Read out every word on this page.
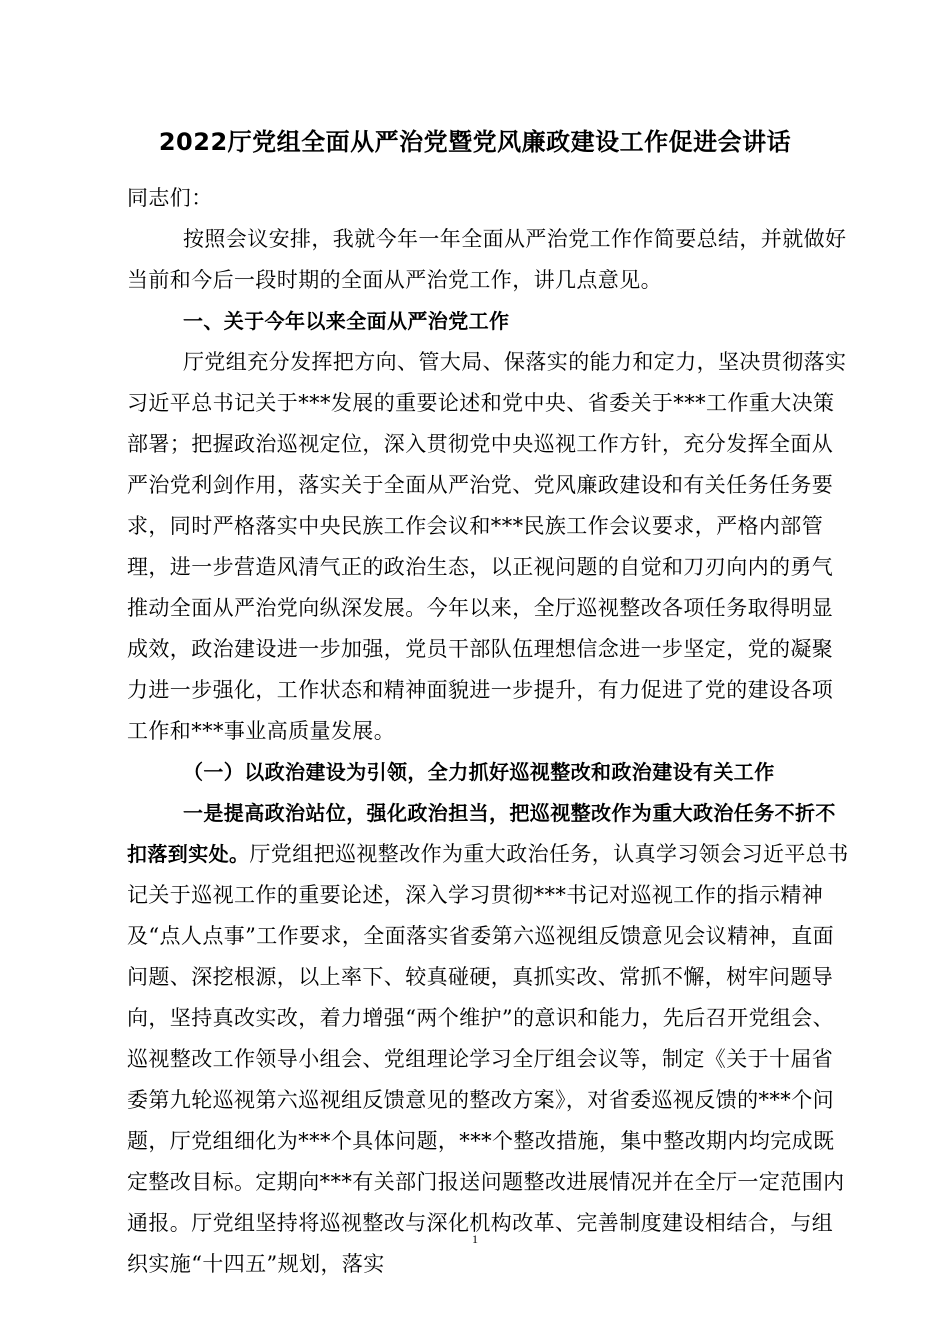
2022厅党组全面从严治党暨党风廉政建设工作促进会讲话

同志们：

按照会议安排，我就今年一年全面从严治党工作作简要总结，并就做好当前和今后一段时期的全面从严治党工作，讲几点意见。

一、关于今年以来全面从严治党工作

厅党组充分发挥把方向、管大局、保落实的能力和定力，坚决贯彻落实习近平总书记关于***发展的重要论述和党中央、省委关于***工作重大决策部署；把握政治巡视定位，深入贯彻党中央巡视工作方针，充分发挥全面从严治党利剑作用，落实关于全面从严治党、党风廉政建设和有关任务任务要求，同时严格落实中央民族工作会议和***民族工作会议要求，严格内部管理，进一步营造风清气正的政治生态，以正视问题的自觉和刀刃向内的勇气推动全面从严治党向纵深发展。今年以来，全厅巡视整改各项任务取得明显成效，政治建设进一步加强，党员干部队伍理想信念进一步坚定，党的凝聚力进一步强化，工作状态和精神面貌进一步提升，有力促进了党的建设各项工作和***事业高质量发展。

（一）以政治建设为引领，全力抓好巡视整改和政治建设有关工作

一是提高政治站位，强化政治担当，把巡视整改作为重大政治任务不折不扣落到实处。厅党组把巡视整改作为重大政治任务，认真学习领会习近平总书记关于巡视工作的重要论述，深入学习贯彻***书记对巡视工作的指示精神及“点人点事”工作要求，全面落实省委第六巡视组反馈意见会议精神，直面问题、深挖根源，以上率下、较真碰硬，真抓实改、常抓不懈，树牢问题导向，坚持真改实改，着力增强“两个维护”的意识和能力，先后召开党组会、巡视整改工作领导小组会、党组理论学习全厅组会议等，制定《关于十届省委第九轮巡视第六巡视组反馈意见的整改方案》，对省委巡视反馈的***个问题，厅党组细化为***个具体问题，***个整改措施，集中整改期内均完成既定整改目标。定期向***有关部门报送问题整改进展情况并在全厅一定范围内通报。厅党组坚持将巡视整改与深化机构改革、完善制度建设相结合，与组织实施“十四五”规划，落实

1
